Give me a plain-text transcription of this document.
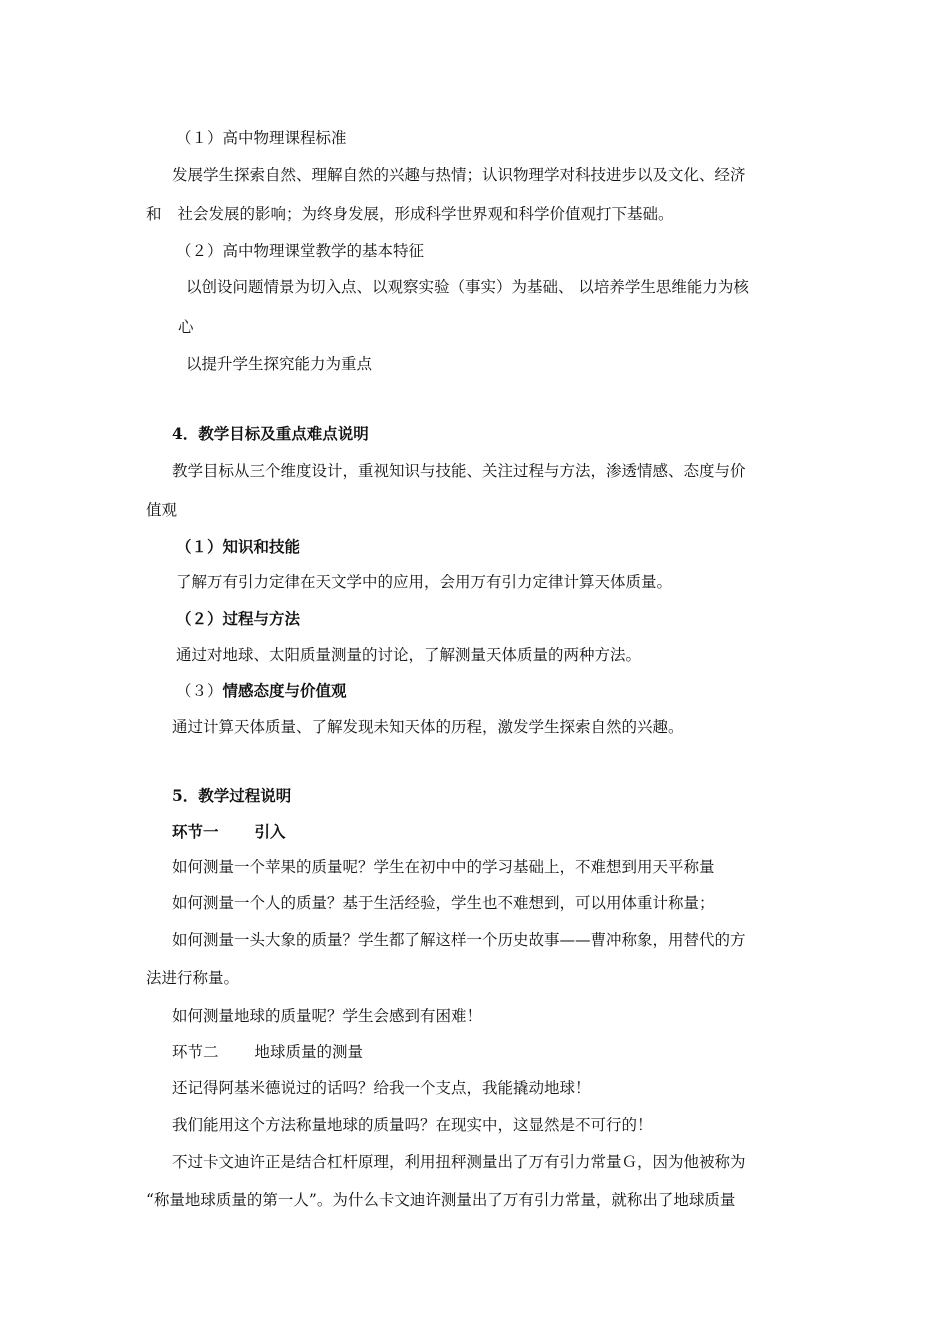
（１）高中物理课程标准
发展学生探索自然、理解自然的兴趣与热情；认识物理学对科技进步以及文化、经济
和 社会发展的影响；为终身发展，形成科学世界观和科学价值观打下基础。
（２）高中物理课堂教学的基本特征
以创设问题情景为切入点、以观察实验（事实）为基础、 以培养学生思维能力为核
心
以提升学生探究能力为重点
4．教学目标及重点难点说明
教学目标从三个维度设计，重视知识与技能、关注过程与方法，渗透情感、态度与价
值观
（１）知识和技能
了解万有引力定律在天文学中的应用，会用万有引力定律计算天体质量。
（２）过程与方法
通过对地球、太阳质量测量的讨论，了解测量天体质量的两种方法。
（３）情感态度与价值观
通过计算天体质量、了解发现未知天体的历程，激发学生探索自然的兴趣。
5．教学过程说明
环节一 引入
如何测量一个苹果的质量呢？学生在初中中的学习基础上，不难想到用天平称量
如何测量一个人的质量？基于生活经验，学生也不难想到，可以用体重计称量；
如何测量一头大象的质量？学生都了解这样一个历史故事——曹冲称象，用替代的方
法进行称量。
如何测量地球的质量呢？学生会感到有困难！
环节二 地球质量的测量
还记得阿基米德说过的话吗？给我一个支点，我能撬动地球！
我们能用这个方法称量地球的质量吗？在现实中，这显然是不可行的！
不过卡文迪许正是结合杠杆原理，利用扭秤测量出了万有引力常量Ｇ，因为他被称为
“称量地球质量的第一人”。为什么卡文迪许测量出了万有引力常量，就称出了地球质量
